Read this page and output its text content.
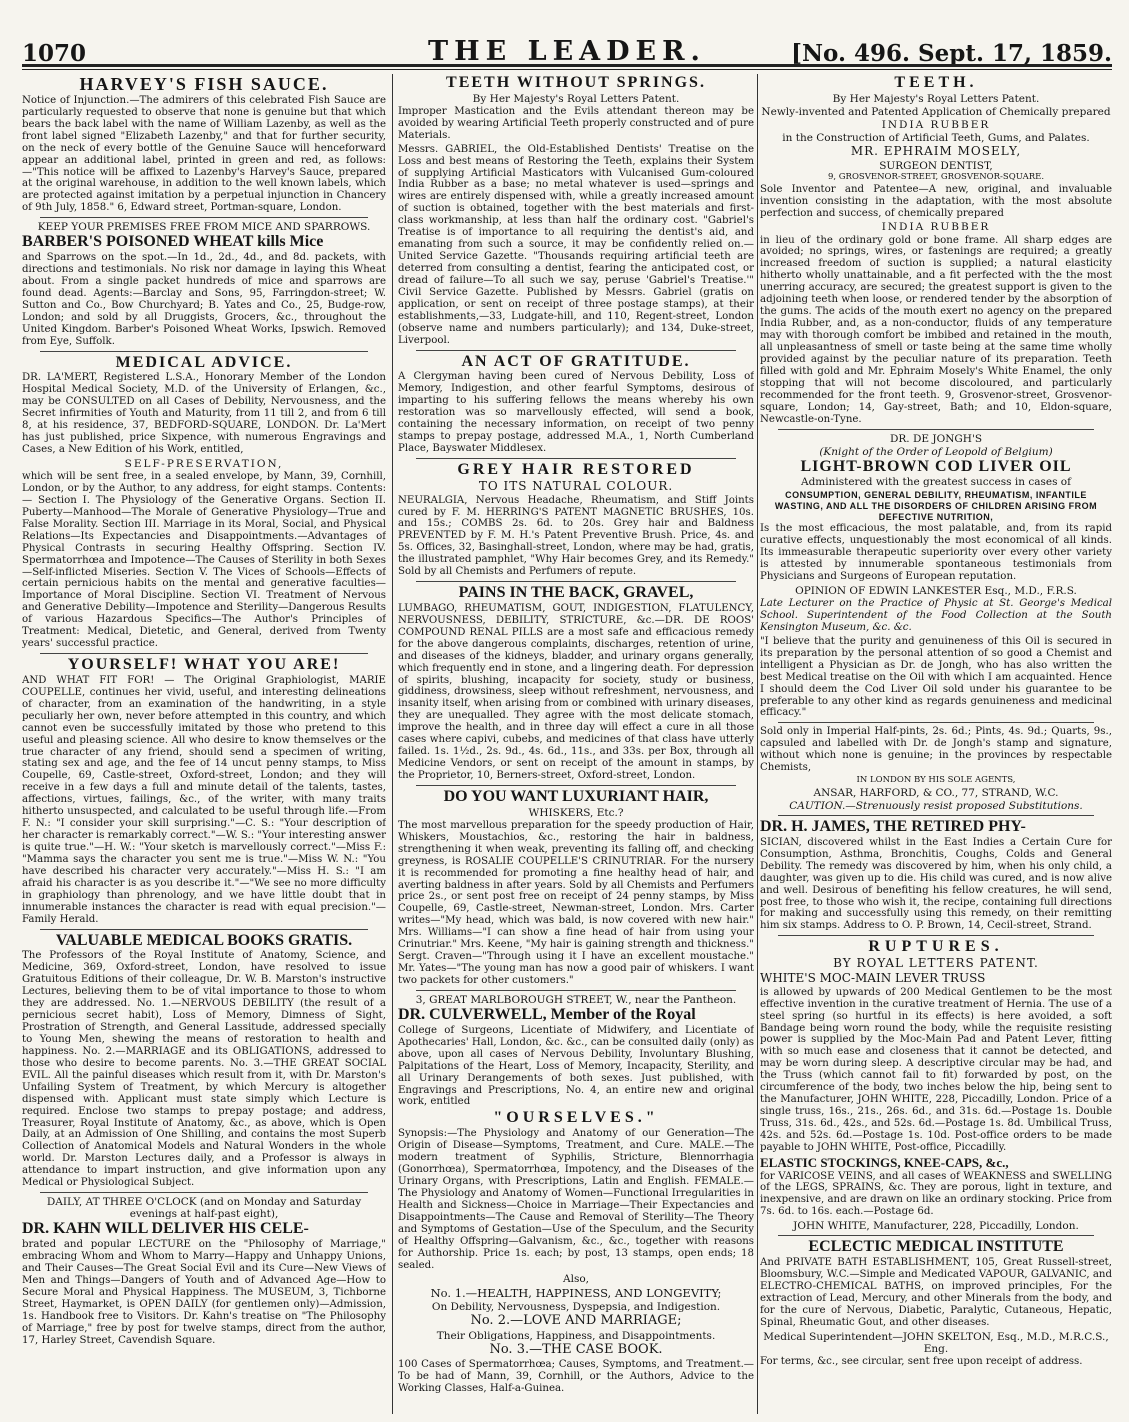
1070	THE LEADER.	[No. 496. Sept. 17, 1859.
HARVEY'S FISH SAUCE.

Notice of Injunction.—The admirers of this celebrated Fish Sauce are particularly requested to observe that none is genuine but that which bears the back label with the name of William Lazenby, as well as the front label signed "Elizabeth Lazenby," and that for further security, on the neck of every bottle of the Genuine Sauce will henceforward appear an additional label, printed in green and red, as follows:—"This notice will be affixed to Lazenby's Harvey's Sauce, prepared at the original warehouse, in addition to the well known labels, which are protected against imitation by a perpetual injunction in Chancery of 9th July, 1858." 6, Edward street, Portman-square, London.

KEEP YOUR PREMISES FREE FROM MICE AND SPARROWS.
BARBER'S POISONED WHEAT kills Mice

and Sparrows on the spot.—In 1d., 2d., 4d., and 8d. packets, with directions and testimonials. No risk nor damage in laying this Wheat about. From a single packet hundreds of mice and sparrows are found dead. Agents:—Barclay and Sons, 95, Farringdon-street; W. Sutton and Co., Bow Churchyard; B. Yates and Co., 25, Budge-row, London; and sold by all Druggists, Grocers, &c., throughout the United Kingdom. Barber's Poisoned Wheat Works, Ipswich. Removed from Eye, Suffolk.

MEDICAL ADVICE.

DR. LA'MERT, Registered L.S.A., Honorary Member of the London Hospital Medical Society, M.D. of the University of Erlangen, &c., may be CONSULTED on all Cases of Debility, Nervousness, and the Secret infirmities of Youth and Maturity, from 11 till 2, and from 6 till 8, at his residence, 37, BEDFORD-SQUARE, LONDON. Dr. La'Mert has just published, price Sixpence, with numerous Engravings and Cases, a New Edition of his Work, entitled,

SELF-PRESERVATION,

which will be sent free, in a sealed envelope, by Mann, 39, Cornhill, London, or by the Author, to any address, for eight stamps. Contents:— Section I. The Physiology of the Generative Organs. Section II. Puberty—Manhood—The Morale of Generative Physiology—True and False Morality. Section III. Marriage in its Moral, Social, and Physical Relations—Its Expectancies and Disappointments.—Advantages of Physical Contrasts in securing Healthy Offspring. Section IV. Spermatorrhœa and Impotence—The Causes of Sterility in both Sexes—Self-inflicted Miseries. Section V. The Vices of Schools—Effects of certain pernicious habits on the mental and generative faculties—Importance of Moral Discipline. Section VI. Treatment of Nervous and Generative Debility—Impotence and Sterility—Dangerous Results of various Hazardous Specifics—The Author's Principles of Treatment: Medical, Dietetic, and General, derived from Twenty years' successful practice.

YOURSELF! WHAT YOU ARE!

AND WHAT FIT FOR! — The Original Graphiologist, MARIE COUPELLE, continues her vivid, useful, and interesting delineations of character, from an examination of the handwriting, in a style peculiarly her own, never before attempted in this country, and which cannot even be successfully imitated by those who pretend to this useful and pleasing science. All who desire to know themselves or the true character of any friend, should send a specimen of writing, stating sex and age, and the fee of 14 uncut penny stamps, to Miss Coupelle, 69, Castle-street, Oxford-street, London; and they will receive in a few days a full and minute detail of the talents, tastes, affections, virtues, failings, &c., of the writer, with many traits hitherto unsuspected, and calculated to be useful through life.—From F. N.: "I consider your skill surprising."—C. S.: "Your description of her character is remarkably correct."—W. S.: "Your interesting answer is quite true."—H. W.: "Your sketch is marvellously correct."—Miss F.: "Mamma says the character you sent me is true."—Miss W. N.: "You have described his character very accurately."—Miss H. S.: "I am afraid his character is as you describe it."—"We see no more difficulty in graphiology than phrenology, and we have little doubt that in innumerable instances the character is read with equal precision."—Family Herald.

VALUABLE MEDICAL BOOKS GRATIS.

The Professors of the Royal Institute of Anatomy, Science, and Medicine, 369, Oxford-street, London, have resolved to issue Gratuitous Editions of their colleague, Dr. W. B. Marston's instructive Lectures, believing them to be of vital importance to those to whom they are addressed. No. 1.—NERVOUS DEBILITY (the result of a pernicious secret habit), Loss of Memory, Dimness of Sight, Prostration of Strength, and General Lassitude, addressed specially to Young Men, shewing the means of restoration to health and happiness. No. 2.—MARRIAGE and its OBLIGATIONS, addressed to those who desire to become parents. No. 3.—THE GREAT SOCIAL EVIL. All the painful diseases which result from it, with Dr. Marston's Unfailing System of Treatment, by which Mercury is altogether dispensed with. Applicant must state simply which Lecture is required. Enclose two stamps to prepay postage; and address, Treasurer, Royal Institute of Anatomy, &c., as above, which is Open Daily, at an Admission of One Shilling, and contains the most Superb Collection of Anatomical Models and Natural Wonders in the whole world. Dr. Marston Lectures daily, and a Professor is always in attendance to impart instruction, and give information upon any Medical or Physiological Subject.

DAILY, AT THREE O'CLOCK (and on Monday and Saturday evenings at half-past eight),
DR. KAHN WILL DELIVER HIS CELE-

brated and popular LECTURE on the "Philosophy of Marriage," embracing Whom and Whom to Marry—Happy and Unhappy Unions, and Their Causes—The Great Social Evil and its Cure—New Views of Men and Things—Dangers of Youth and of Advanced Age—How to Secure Moral and Physical Happiness. The MUSEUM, 3, Tichborne Street, Haymarket, is OPEN DAILY (for gentlemen only)—Admission, 1s. Handbook free to Visitors. Dr. Kahn's treatise on "The Philosophy of Marriage," free by post for twelve stamps, direct from the author, 17, Harley Street, Cavendish Square.

TEETH WITHOUT SPRINGS.
By Her Majesty's Royal Letters Patent.

Improper Mastication and the Evils attendant thereon may be avoided by wearing Artificial Teeth properly constructed and of pure Materials.

Messrs. GABRIEL, the Old-Established Dentists' Treatise on the Loss and best means of Restoring the Teeth, explains their System of supplying Artificial Masticators with Vulcanised Gum-coloured India Rubber as a base; no metal whatever is used—springs and wires are entirely dispensed with, while a greatly increased amount of suction is obtained, together with the best materials and first-class workmanship, at less than half the ordinary cost. "Gabriel's Treatise is of importance to all requiring the dentist's aid, and emanating from such a source, it may be confidently relied on.—United Service Gazette. "Thousands requiring artificial teeth are deterred from consulting a dentist, fearing the anticipated cost, or dread of failure—To all such we say, peruse 'Gabriel's Treatise.'" Civil Service Gazette. Published by Messrs. Gabriel (gratis on application, or sent on receipt of three postage stamps), at their establishments,—33, Ludgate-hill, and 110, Regent-street, London (observe name and numbers particularly); and 134, Duke-street, Liverpool.

AN ACT OF GRATITUDE.

A Clergyman having been cured of Nervous Debility, Loss of Memory, Indigestion, and other fearful Symptoms, desirous of imparting to his suffering fellows the means whereby his own restoration was so marvellously effected, will send a book, containing the necessary information, on receipt of two penny stamps to prepay postage, addressed M.A., 1, North Cumberland Place, Bayswater Middlesex.

GREY HAIR RESTORED
TO ITS NATURAL COLOUR.

NEURALGIA, Nervous Headache, Rheumatism, and Stiff Joints cured by F. M. HERRING'S PATENT MAGNETIC BRUSHES, 10s. and 15s.; COMBS 2s. 6d. to 20s. Grey hair and Baldness PREVENTED by F. M. H.'s Patent Preventive Brush. Price, 4s. and 5s. Offices, 32, Basinghall-street, London, where may be had, gratis, the illustrated pamphlet, "Why Hair becomes Grey, and its Remedy." Sold by all Chemists and Perfumers of repute.

PAINS IN THE BACK, GRAVEL,

LUMBAGO, RHEUMATISM, GOUT, INDIGESTION, FLATULENCY, NERVOUSNESS, DEBILITY, STRICTURE, &c.—DR. DE ROOS' COMPOUND RENAL PILLS are a most safe and efficacious remedy for the above dangerous complaints, discharges, retention of urine, and diseases of the kidneys, bladder, and urinary organs generally, which frequently end in stone, and a lingering death. For depression of spirits, blushing, incapacity for society, study or business, giddiness, drowsiness, sleep without refreshment, nervousness, and insanity itself, when arising from or combined with urinary diseases, they are unequalled. They agree with the most delicate stomach, improve the health, and in three day will effect a cure in all those cases where capivi, cubebs, and medicines of that class have utterly failed. 1s. 1½d., 2s. 9d., 4s. 6d., 11s., and 33s. per Box, through all Medicine Vendors, or sent on receipt of the amount in stamps, by the Proprietor, 10, Berners-street, Oxford-street, London.

DO YOU WANT LUXURIANT HAIR,
WHISKERS, Etc.?

The most marvellous preparation for the speedy production of Hair, Whiskers, Moustachios, &c., restoring the hair in baldness, strengthening it when weak, preventing its falling off, and checking greyness, is ROSALIE COUPELLE'S CRINUTRIAR. For the nursery it is recommended for promoting a fine healthy head of hair, and averting baldness in after years. Sold by all Chemists and Perfumers price 2s., or sent post free on receipt of 24 penny stamps, by Miss Coupelle, 69, Castle-street, Newman-street, London. Mrs. Carter writes—"My head, which was bald, is now covered with new hair." Mrs. Williams—"I can show a fine head of hair from using your Crinutriar." Mrs. Keene, "My hair is gaining strength and thickness." Sergt. Craven—"Through using it I have an excellent moustache." Mr. Yates—"The young man has now a good pair of whiskers. I want two packets for other customers."

3, GREAT MARLBOROUGH STREET, W., near the Pantheon.
DR. CULVERWELL, Member of the Royal

College of Surgeons, Licentiate of Midwifery, and Licentiate of Apothecaries' Hall, London, &c. &c., can be consulted daily (only) as above, upon all cases of Nervous Debility, Involuntary Blushing, Palpitations of the Heart, Loss of Memory, Incapacity, Sterility, and all Urinary Derangements of both sexes. Just published, with Engravings and Prescriptions, No. 4, an entire new and original work, entitled

"OURSELVES."

Synopsis:—The Physiology and Anatomy of our Generation—The Origin of Disease—Symptoms, Treatment, and Cure. MALE.—The modern treatment of Syphilis, Stricture, Blennorrhagia (Gonorrhœa), Spermatorrhœa, Impotency, and the Diseases of the Urinary Organs, with Prescriptions, Latin and English. FEMALE.—The Physiology and Anatomy of Women—Functional Irregularities in Health and Sickness—Choice in Marriage—Their Expectancies and Disappointments—The Cause and Removal of Sterility—The Theory and Symptoms of Gestation—Use of the Speculum, and the Security of Healthy Offspring—Galvanism, &c., &c., together with reasons for Authorship. Price 1s. each; by post, 13 stamps, open ends; 18 sealed.

Also,
No. 1.—HEALTH, HAPPINESS, AND LONGEVITY;
On Debility, Nervousness, Dyspepsia, and Indigestion.
No. 2.—LOVE AND MARRIAGE;
Their Obligations, Happiness, and Disappointments.
No. 3.—THE CASE BOOK.

100 Cases of Spermatorrhœa; Causes, Symptoms, and Treatment.—To be had of Mann, 39, Cornhill, or the Authors, Advice to the Working Classes, Half-a-Guinea.

TEETH.
By Her Majesty's Royal Letters Patent.
Newly-invented and Patented Application of Chemically prepared
INDIA RUBBER
in the Construction of Artificial Teeth, Gums, and Palates.
MR. EPHRAIM MOSELY,
SURGEON DENTIST,
9, GROSVENOR-STREET, GROSVENOR-SQUARE.

Sole Inventor and Patentee—A new, original, and invaluable invention consisting in the adaptation, with the most absolute perfection and success, of chemically prepared

INDIA RUBBER

in lieu of the ordinary gold or bone frame. All sharp edges are avoided; no springs, wires, or fastenings are required; a greatly increased freedom of suction is supplied; a natural elasticity hitherto wholly unattainable, and a fit perfected with the the most unerring accuracy, are secured; the greatest support is given to the adjoining teeth when loose, or rendered tender by the absorption of the gums. The acids of the mouth exert no agency on the prepared India Rubber, and, as a non-conductor, fluids of any temperature may with thorough comfort be imbibed and retained in the mouth, all unpleasantness of smell or taste being at the same time wholly provided against by the peculiar nature of its preparation. Teeth filled with gold and Mr. Ephraim Mosely's White Enamel, the only stopping that will not become discoloured, and particularly recommended for the front teeth. 9, Grosvenor-street, Grosvenor-square, London; 14, Gay-street, Bath; and 10, Eldon-square, Newcastle-on-Tyne.

DR. DE JONGH'S
(Knight of the Order of Leopold of Belgium)
LIGHT-BROWN COD LIVER OIL
Administered with the greatest success in cases of

CONSUMPTION, GENERAL DEBILITY, RHEUMATISM, INFANTILE WASTING, AND ALL THE DISORDERS OF CHILDREN ARISING FROM DEFECTIVE NUTRITION,

Is the most efficacious, the most palatable, and, from its rapid curative effects, unquestionably the most economical of all kinds. Its immeasurable therapeutic superiority over every other variety is attested by innumerable spontaneous testimonials from Physicians and Surgeons of European reputation.

OPINION OF EDWIN LANKESTER Esq., M.D., F.R.S.

Late Lecturer on the Practice of Physic at St. George's Medical School. Superintendent of the Food Collection at the South Kensington Museum, &c. &c.

"I believe that the purity and genuineness of this Oil is secured in its preparation by the personal attention of so good a Chemist and intelligent a Physician as Dr. de Jongh, who has also written the best Medical treatise on the Oil with which I am acquainted. Hence I should deem the Cod Liver Oil sold under his guarantee to be preferable to any other kind as regards genuineness and medicinal efficacy."

Sold only in Imperial Half-pints, 2s. 6d.; Pints, 4s. 9d.; Quarts, 9s., capsuled and labelled with Dr. de Jongh's stamp and signature, without which none is genuine; in the provinces by respectable Chemists,

IN LONDON BY HIS SOLE AGENTS,
ANSAR, HARFORD, & CO., 77, STRAND, W.C.
CAUTION.—Strenuously resist proposed Substitutions.
DR. H. JAMES, THE RETIRED PHY-

SICIAN, discovered whilst in the East Indies a Certain Cure for Consumption, Asthma, Bronchitis, Coughs, Colds and General Debility. The remedy was discovered by him, when his only child, a daughter, was given up to die. His child was cured, and is now alive and well. Desirous of benefiting his fellow creatures, he will send, post free, to those who wish it, the recipe, containing full directions for making and successfully using this remedy, on their remitting him six stamps. Address to O. P. Brown, 14, Cecil-street, Strand.

RUPTURES.
BY ROYAL LETTERS PATENT.
WHITE'S MOC-MAIN LEVER TRUSS

is allowed by upwards of 200 Medical Gentlemen to be the most effective invention in the curative treatment of Hernia. The use of a steel spring (so hurtful in its effects) is here avoided, a soft Bandage being worn round the body, while the requisite resisting power is supplied by the Moc-Main Pad and Patent Lever, fitting with so much ease and closeness that it cannot be detected, and may be worn during sleep. A descriptive circular may be had, and the Truss (which cannot fail to fit) forwarded by post, on the circumference of the body, two inches below the hip, being sent to the Manufacturer, JOHN WHITE, 228, Piccadilly, London. Price of a single truss, 16s., 21s., 26s. 6d., and 31s. 6d.—Postage 1s. Double Truss, 31s. 6d., 42s., and 52s. 6d.—Postage 1s. 8d. Umbilical Truss, 42s. and 52s. 6d.—Postage 1s. 10d. Post-office orders to be made payable to JOHN WHITE, Post-office, Piccadilly.

ELASTIC STOCKINGS, KNEE-CAPS, &c.,

for VARICOSE VEINS, and all cases of WEAKNESS and SWELLING of the LEGS, SPRAINS, &c. They are porous, light in texture, and inexpensive, and are drawn on like an ordinary stocking. Price from 7s. 6d. to 16s. each.—Postage 6d.

JOHN WHITE, Manufacturer, 228, Piccadilly, London.
ECLECTIC MEDICAL INSTITUTE

And PRIVATE BATH ESTABLISHMENT, 105, Great Russell-street, Bloomsbury, W.C.—Simple and Medicated VAPOUR, GALVANIC, and ELECTRO-CHEMICAL BATHS, on improved principles, For the extraction of Lead, Mercury, and other Minerals from the body, and for the cure of Nervous, Diabetic, Paralytic, Cutaneous, Hepatic, Spinal, Rheumatic Gout, and other diseases.

Medical Superintendent—JOHN SKELTON, Esq., M.D., M.R.C.S., Eng.

For terms, &c., see circular, sent free upon receipt of address.
